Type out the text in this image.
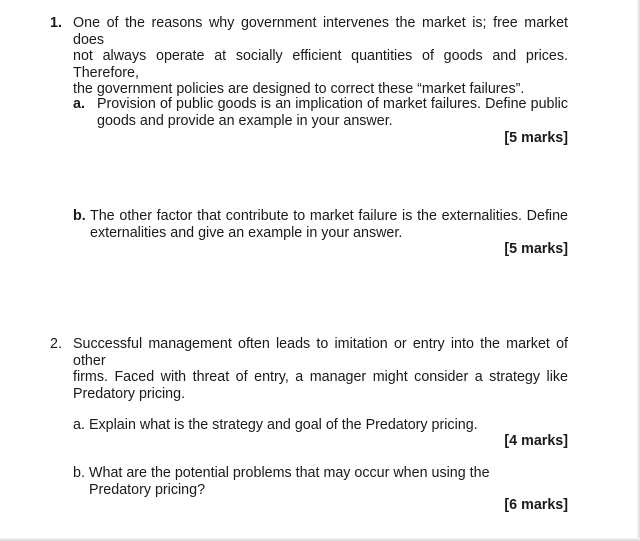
1. One of the reasons why government intervenes the market is; free market does
not always operate at socially efficient quantities of goods and prices. Therefore,
the government policies are designed to correct these “market failures”.
a. Provision of public goods is an implication of market failures. Define public
goods and provide an example in your answer.
[5 marks]
b. The other factor that contribute to market failure is the externalities. Define
externalities and give an example in your answer.
[5 marks]
2. Successful management often leads to imitation or entry into the market of other
firms. Faced with threat of entry, a manager might consider a strategy like
Predatory pricing.
a. Explain what is the strategy and goal of the Predatory pricing.
[4 marks]
b. What are the potential problems that may occur when using the
Predatory pricing?
[6 marks]
